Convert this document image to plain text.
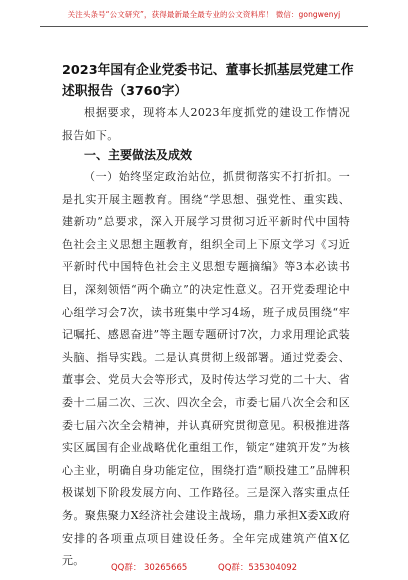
关注头条号“公文研究”，获得最新最全最专业的公文资料库！ 微信：gongwenyj
2023年国有企业党委书记、董事长抓基层党建工作述职报告（3760字）
根据要求，现将本人2023年度抓党的建设工作情况报告如下。
一、主要做法及成效
（一）始终坚定政治站位，抓贯彻落实不打折扣。一是扎实开展主题教育。围绕“学思想、强党性、重实践、建新功”总要求，深入开展学习贯彻习近平新时代中国特色社会主义思想主题教育，组织全司上下原文学习《习近平新时代中国特色社会主义思想专题摘编》等3本必读书目，深刻领悟“两个确立”的决定性意义。召开党委理论中心组学习会7次，读书班集中学习4场，班子成员围绕“牢记嘱托、感恩奋进”等主题专题研讨7次，力求用理论武装头脑、指导实践。二是认真贯彻上级部署。通过党委会、董事会、党员大会等形式，及时传达学习党的二十大、省委十二届二次、三次、四次全会，市委七届八次全会和区委七届六次全会精神，并认真研究贯彻意见。积极推进落实区属国有企业战略优化重组工作，锁定“建筑开发”为核心主业，明确自身功能定位，围绕打造“顺投建工”品牌积极谋划下阶段发展方向、工作路径。三是深入落实重点任务。聚焦聚力X经济社会建设主战场，鼎力承担X委X政府安排的各项重点项目建设任务。全年完成建筑产值X亿元。
QQ群： 30265665	QQ群：535304092
